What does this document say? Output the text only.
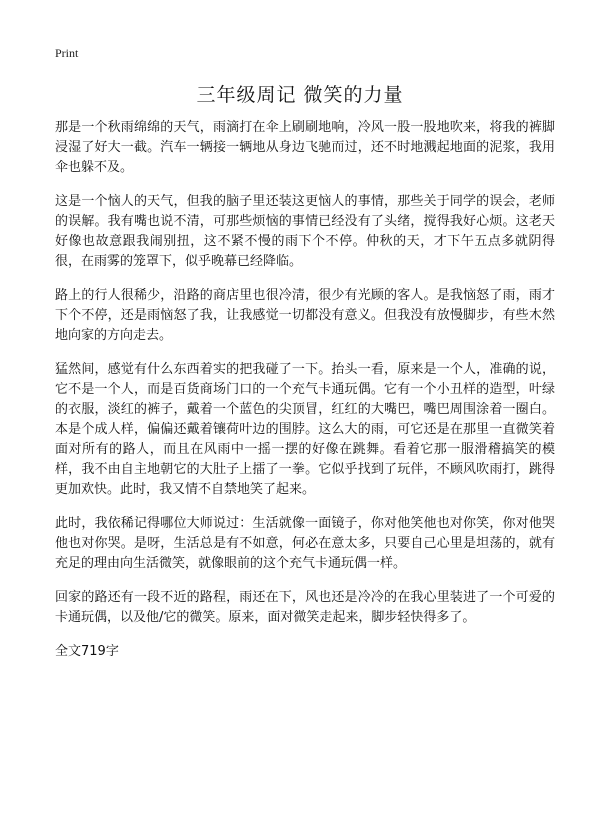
Print
三年级周记 微笑的力量

那是一个秋雨绵绵的天气，雨滴打在伞上刷刷地响，冷风一股一股地吹来，将我的裤脚浸湿了好大一截。汽车一辆接一辆地从身边飞驰而过，还不时地溅起地面的泥浆，我用伞也躲不及。

这是一个恼人的天气，但我的脑子里还装这更恼人的事情，那些关于同学的误会，老师的误解。我有嘴也说不清，可那些烦恼的事情已经没有了头绪，搅得我好心烦。这老天好像也故意跟我闹别扭，这不紧不慢的雨下个不停。仲秋的天，才下午五点多就阴得很，在雨雾的笼罩下，似乎晚幕已经降临。

路上的行人很稀少，沿路的商店里也很冷清，很少有光顾的客人。是我恼怒了雨，雨才下个不停，还是雨恼怒了我，让我感觉一切都没有意义。但我没有放慢脚步，有些木然地向家的方向走去。

猛然间，感觉有什么东西着实的把我碰了一下。抬头一看，原来是一个人，准确的说，它不是一个人，而是百货商场门口的一个充气卡通玩偶。它有一个小丑样的造型，叶绿的衣服，淡红的裤子，戴着一个蓝色的尖顶冒，红红的大嘴巴，嘴巴周围涂着一圈白。本是个成人样，偏偏还戴着镶荷叶边的围脖。这么大的雨，可它还是在那里一直微笑着面对所有的路人，而且在风雨中一摇一摆的好像在跳舞。看着它那一服滑稽搞笑的模样，我不由自主地朝它的大肚子上擂了一拳。它似乎找到了玩伴，不顾风吹雨打，跳得更加欢快。此时，我又情不自禁地笑了起来。

此时，我依稀记得哪位大师说过：生活就像一面镜子，你对他笑他也对你笑，你对他哭他也对你哭。是呀，生活总是有不如意，何必在意太多，只要自己心里是坦荡的，就有充足的理由向生活微笑，就像眼前的这个充气卡通玩偶一样。

回家的路还有一段不近的路程，雨还在下，风也还是冷冷的在我心里装进了一个可爱的卡通玩偶，以及他/它的微笑。原来，面对微笑走起来，脚步轻快得多了。

全文719字
